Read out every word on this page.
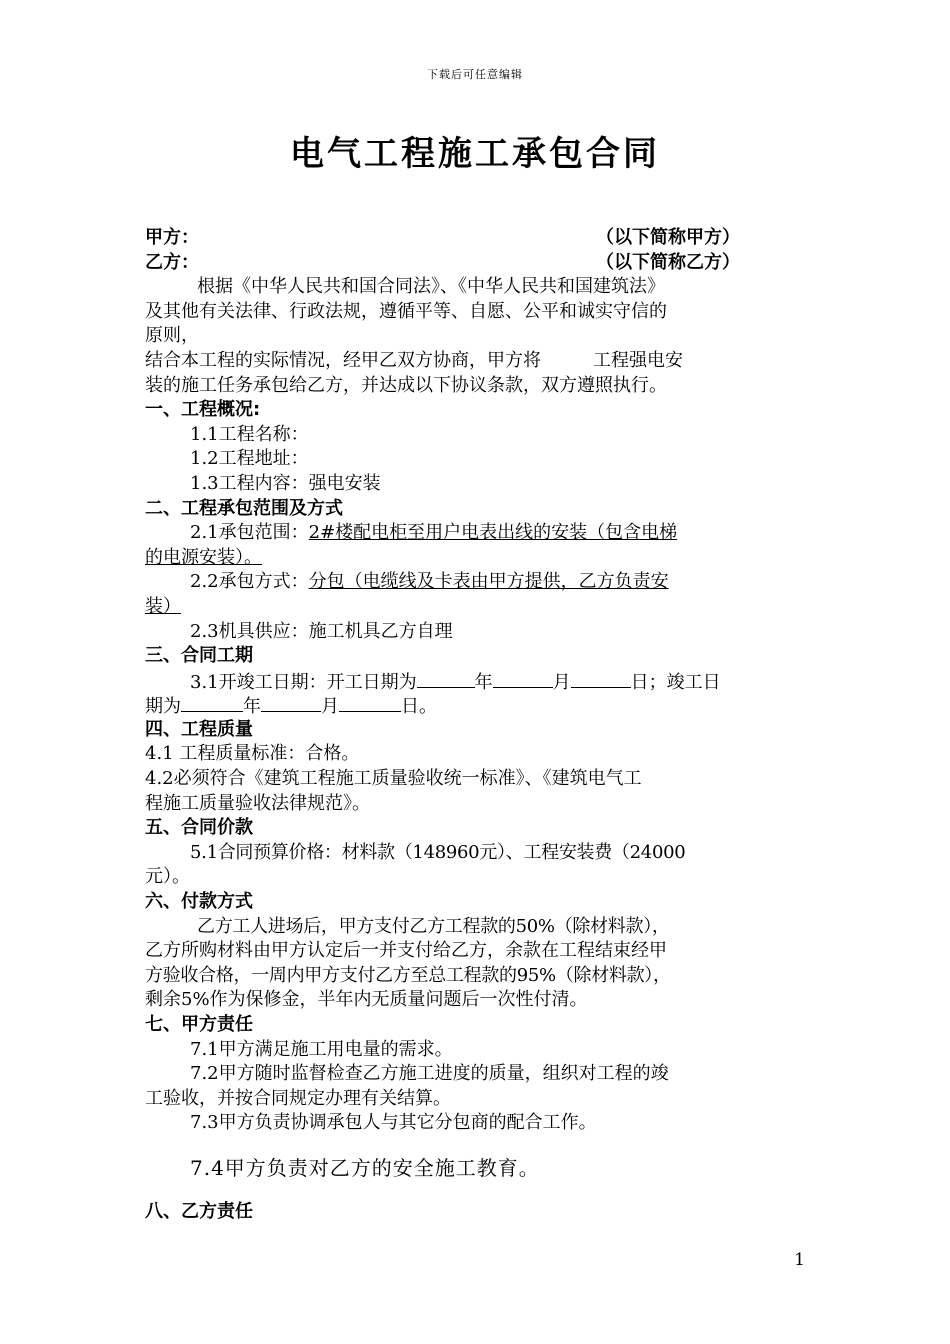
下载后可任意编辑
电气工程施工承包合同
甲方：	（以下简称甲方）
乙方：	（以下简称乙方）
根据《中华人民共和国合同法》、《中华人民共和国建筑法》
及其他有关法律、行政法规，遵循平等、自愿、公平和诚实守信的
原则，
结合本工程的实际情况，经甲乙双方协商，甲方将	工程强电安
装的施工任务承包给乙方，并达成以下协议条款，双方遵照执行。
一、工程概况:
1.1工程名称：
1.2工程地址：
1.3工程内容：强电安装
二、工程承包范围及方式
2.1承包范围：2#楼配电柜至用户电表出线的安装（包含电梯
的电源安装）。
2.2承包方式：分包（电缆线及卡表由甲方提供，乙方负责安
装）
2.3机具供应：施工机具乙方自理
三、合同工期
3.1开竣工日期：开工日期为	年	月	日；竣工日
期为	年	月	日。
四、工程质量
4.1 工程质量标准：合格。
4.2必须符合《建筑工程施工质量验收统一标准》、《建筑电气工
程施工质量验收法律规范》。
五、合同价款
5.1合同预算价格：材料款（148960元）、工程安装费（24000
元）。
六、付款方式
乙方工人进场后，甲方支付乙方工程款的50%（除材料款），
乙方所购材料由甲方认定后一并支付给乙方，余款在工程结束经甲
方验收合格，一周内甲方支付乙方至总工程款的95%（除材料款），
剩余5%作为保修金，半年内无质量问题后一次性付清。
七、甲方责任
7.1甲方满足施工用电量的需求。
7.2甲方随时监督检查乙方施工进度的质量，组织对工程的竣
工验收，并按合同规定办理有关结算。
7.3甲方负责协调承包人与其它分包商的配合工作。
7.4甲方负责对乙方的安全施工教育。
八、乙方责任
1
